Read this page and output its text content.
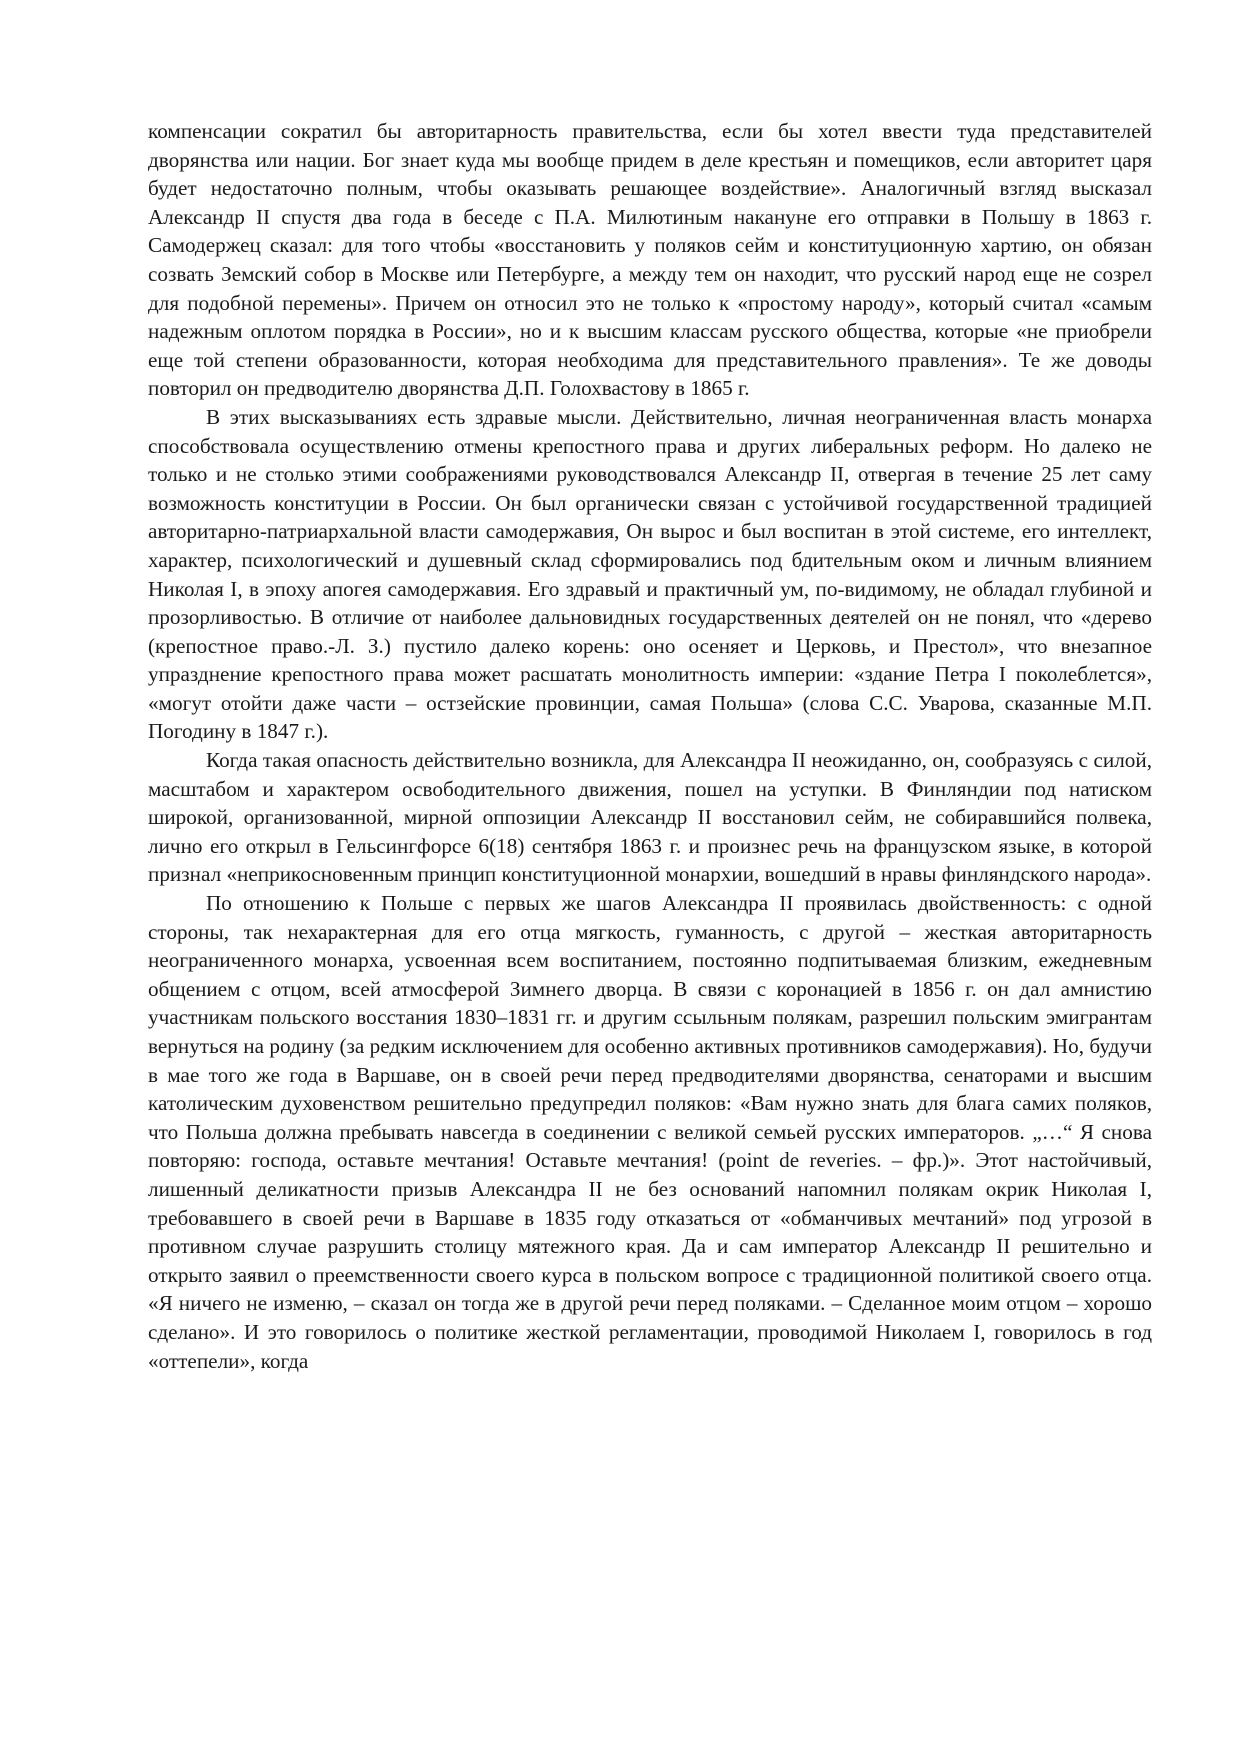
компенсации сократил бы авторитарность правительства, если бы хотел ввести туда представителей дворянства или нации. Бог знает куда мы вообще придем в деле крестьян и помещиков, если авторитет царя будет недостаточно полным, чтобы оказывать решающее воздействие». Аналогичный взгляд высказал Александр II спустя два года в беседе с П.А. Милютиным накануне его отправки в Польшу в 1863 г. Самодержец сказал: для того чтобы «восстановить у поляков сейм и конституционную хартию, он обязан созвать Земский собор в Москве или Петербурге, а между тем он находит, что русский народ еще не созрел для подобной перемены». Причем он относил это не только к «простому народу», который считал «самым надежным оплотом порядка в России», но и к высшим классам русского общества, которые «не приобрели еще той степени образованности, которая необходима для представительного правления». Те же доводы повторил он предводителю дворянства Д.П. Голохвастову в 1865 г.

В этих высказываниях есть здравые мысли. Действительно, личная неограниченная власть монарха способствовала осуществлению отмены крепостного права и других либеральных реформ. Но далеко не только и не столько этими соображениями руководствовался Александр II, отвергая в течение 25 лет саму возможность конституции в России. Он был органически связан с устойчивой государственной традицией авторитарно-патриархальной власти самодержавия, Он вырос и был воспитан в этой системе, его интеллект, характер, психологический и душевный склад сформировались под бдительным оком и личным влиянием Николая I, в эпоху апогея самодержавия. Его здравый и практичный ум, по-видимому, не обладал глубиной и прозорливостью. В отличие от наиболее дальновидных государственных деятелей он не понял, что «дерево (крепостное право.-Л. З.) пустило далеко корень: оно осеняет и Церковь, и Престол», что внезапное упразднение крепостного права может расшатать монолитность империи: «здание Петра I поколеблется», «могут отойти даже части – остзейские провинции, самая Польша» (слова С.С. Уварова, сказанные М.П. Погодину в 1847 г.).

Когда такая опасность действительно возникла, для Александра II неожиданно, он, сообразуясь с силой, масштабом и характером освободительного движения, пошел на уступки. В Финляндии под натиском широкой, организованной, мирной оппозиции Александр II восстановил сейм, не собиравшийся полвека, лично его открыл в Гельсингфорсе 6(18) сентября 1863 г. и произнес речь на французском языке, в которой признал «неприкосновенным принцип конституционной монархии, вошедший в нравы финляндского народа».

По отношению к Польше с первых же шагов Александра II проявилась двойственность: с одной стороны, так нехарактерная для его отца мягкость, гуманность, с другой – жесткая авторитарность неограниченного монарха, усвоенная всем воспитанием, постоянно подпитываемая близким, ежедневным общением с отцом, всей атмосферой Зимнего дворца. В связи с коронацией в 1856 г. он дал амнистию участникам польского восстания 1830–1831 гг. и другим ссыльным полякам, разрешил польским эмигрантам вернуться на родину (за редким исключением для особенно активных противников самодержавия). Но, будучи в мае того же года в Варшаве, он в своей речи перед предводителями дворянства, сенаторами и высшим католическим духовенством решительно предупредил поляков: «Вам нужно знать для блага самих поляков, что Польша должна пребывать навсегда в соединении с великой семьей русских императоров. „…“ Я снова повторяю: господа, оставьте мечтания! Оставьте мечтания! (point de reveries. – фр.)». Этот настойчивый, лишенный деликатности призыв Александра II не без оснований напомнил полякам окрик Николая I, требовавшего в своей речи в Варшаве в 1835 году отказаться от «обманчивых мечтаний» под угрозой в противном случае разрушить столицу мятежного края. Да и сам император Александр II решительно и открыто заявил о преемственности своего курса в польском вопросе с традиционной политикой своего отца. «Я ничего не изменю, – сказал он тогда же в другой речи перед поляками. – Сделанное моим отцом – хорошо сделано». И это говорилось о политике жесткой регламентации, проводимой Николаем I, говорилось в год «оттепели», когда
